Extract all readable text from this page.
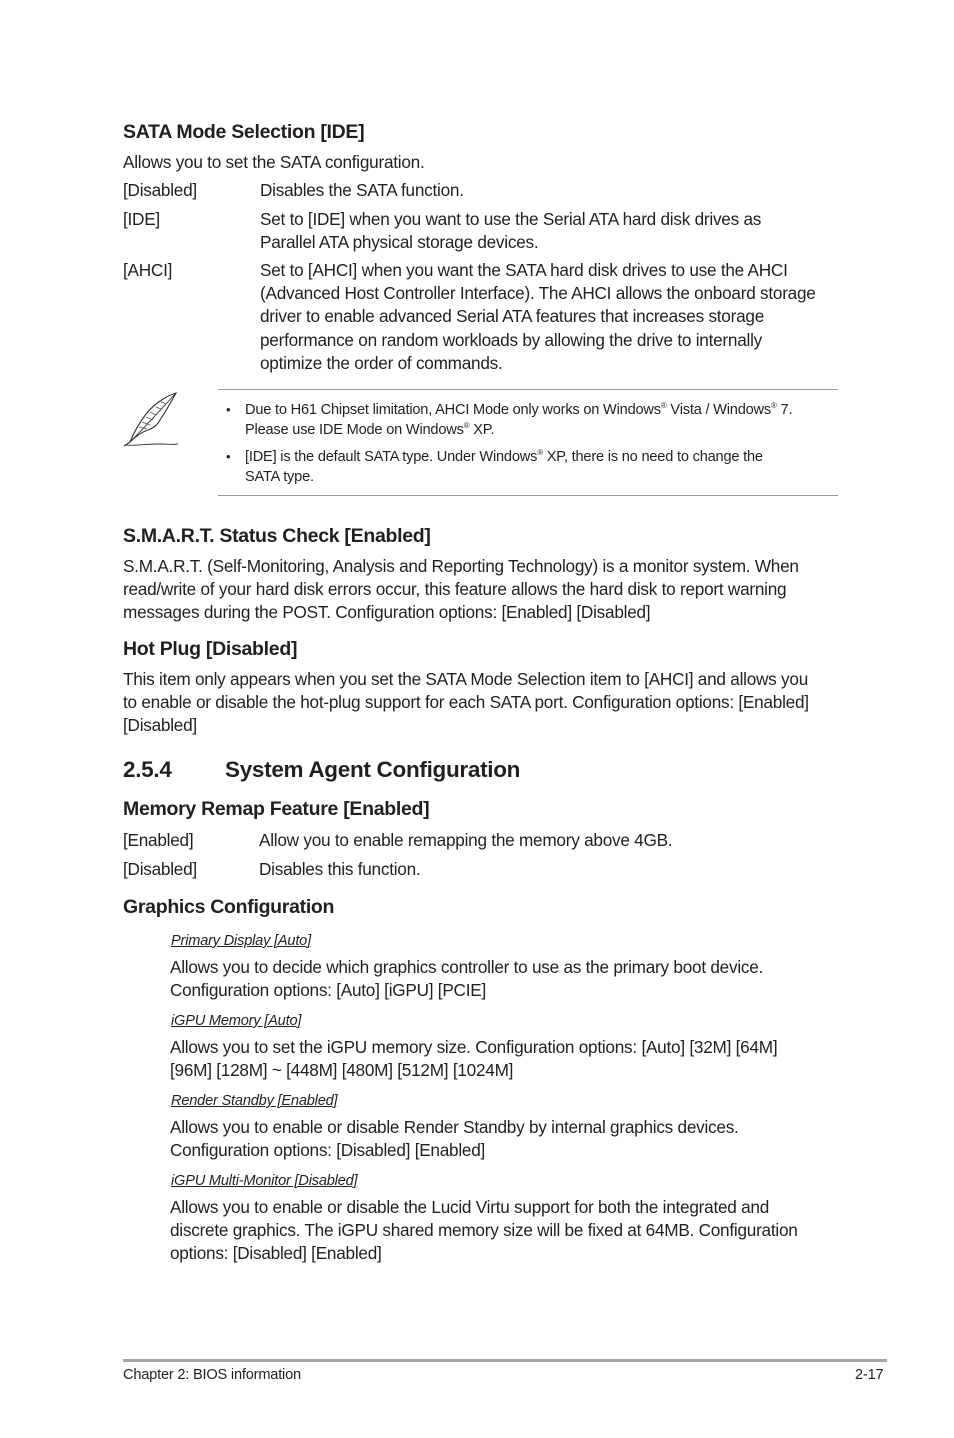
SATA Mode Selection [IDE]
Allows you to set the SATA configuration.
[Disabled]	Disables the SATA function.
[IDE]	Set to [IDE] when you want to use the Serial ATA hard disk drives as
Parallel ATA physical storage devices.
[AHCI]	Set to [AHCI] when you want the SATA hard disk drives to use the AHCI
(Advanced Host Controller Interface). The AHCI allows the onboard storage
driver to enable advanced Serial ATA features that increases storage
performance on random workloads by allowing the drive to internally
optimize the order of commands.
• Due to H61 Chipset limitation, AHCI Mode only works on Windows® Vista / Windows® 7.
Please use IDE Mode on Windows® XP.
• [IDE] is the default SATA type. Under Windows® XP, there is no need to change the
SATA type.
S.M.A.R.T. Status Check [Enabled]
S.M.A.R.T. (Self-Monitoring, Analysis and Reporting Technology) is a monitor system. When
read/write of your hard disk errors occur, this feature allows the hard disk to report warning
messages during the POST. Configuration options: [Enabled] [Disabled]
Hot Plug [Disabled]
This item only appears when you set the SATA Mode Selection item to [AHCI] and allows you
to enable or disable the hot-plug support for each SATA port. Configuration options: [Enabled]
[Disabled]
2.5.4 System Agent Configuration
Memory Remap Feature [Enabled]
[Enabled]	Allow you to enable remapping the memory above 4GB.
[Disabled]	Disables this function.
Graphics Configuration
Primary Display [Auto]
Allows you to decide which graphics controller to use as the primary boot device.
Configuration options: [Auto] [iGPU] [PCIE]
iGPU Memory [Auto]
Allows you to set the iGPU memory size. Configuration options: [Auto] [32M] [64M]
[96M] [128M] ~ [448M] [480M] [512M] [1024M]
Render Standby [Enabled]
Allows you to enable or disable Render Standby by internal graphics devices.
Configuration options: [Disabled] [Enabled]
iGPU Multi-Monitor [Disabled]
Allows you to enable or disable the Lucid Virtu support for both the integrated and
discrete graphics. The iGPU shared memory size will be fixed at 64MB. Configuration
options: [Disabled] [Enabled]
Chapter 2: BIOS information	2-17
